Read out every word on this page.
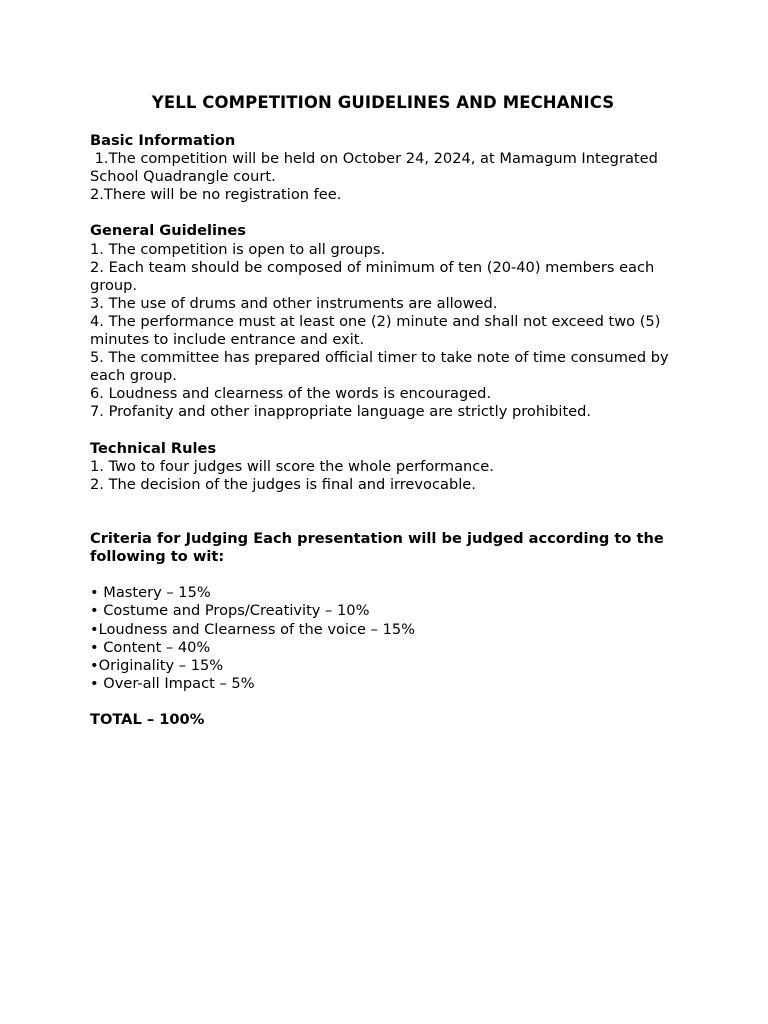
YELL COMPETITION GUIDELINES AND MECHANICS

Basic Information

1.The competition will be held on October 24, 2024, at Mamagum Integrated School Quadrangle court.

2.There will be no registration fee.

General Guidelines

1. The competition is open to all groups.

2. Each team should be composed of minimum of ten (20-40) members each group.

3. The use of drums and other instruments are allowed.

4. The performance must at least one (2) minute and shall not exceed two (5) minutes to include entrance and exit.

5. The committee has prepared official timer to take note of time consumed by each group.

6. Loudness and clearness of the words is encouraged.

7. Profanity and other inappropriate language are strictly prohibited.

Technical Rules

1. Two to four judges will score the whole performance.

2. The decision of the judges is final and irrevocable.

Criteria for Judging Each presentation will be judged according to the following to wit:

• Mastery – 15%

• Costume and Props/Creativity – 10%

•Loudness and Clearness of the voice – 15%

• Content – 40%

•Originality – 15%

• Over-all Impact – 5%

TOTAL – 100%
